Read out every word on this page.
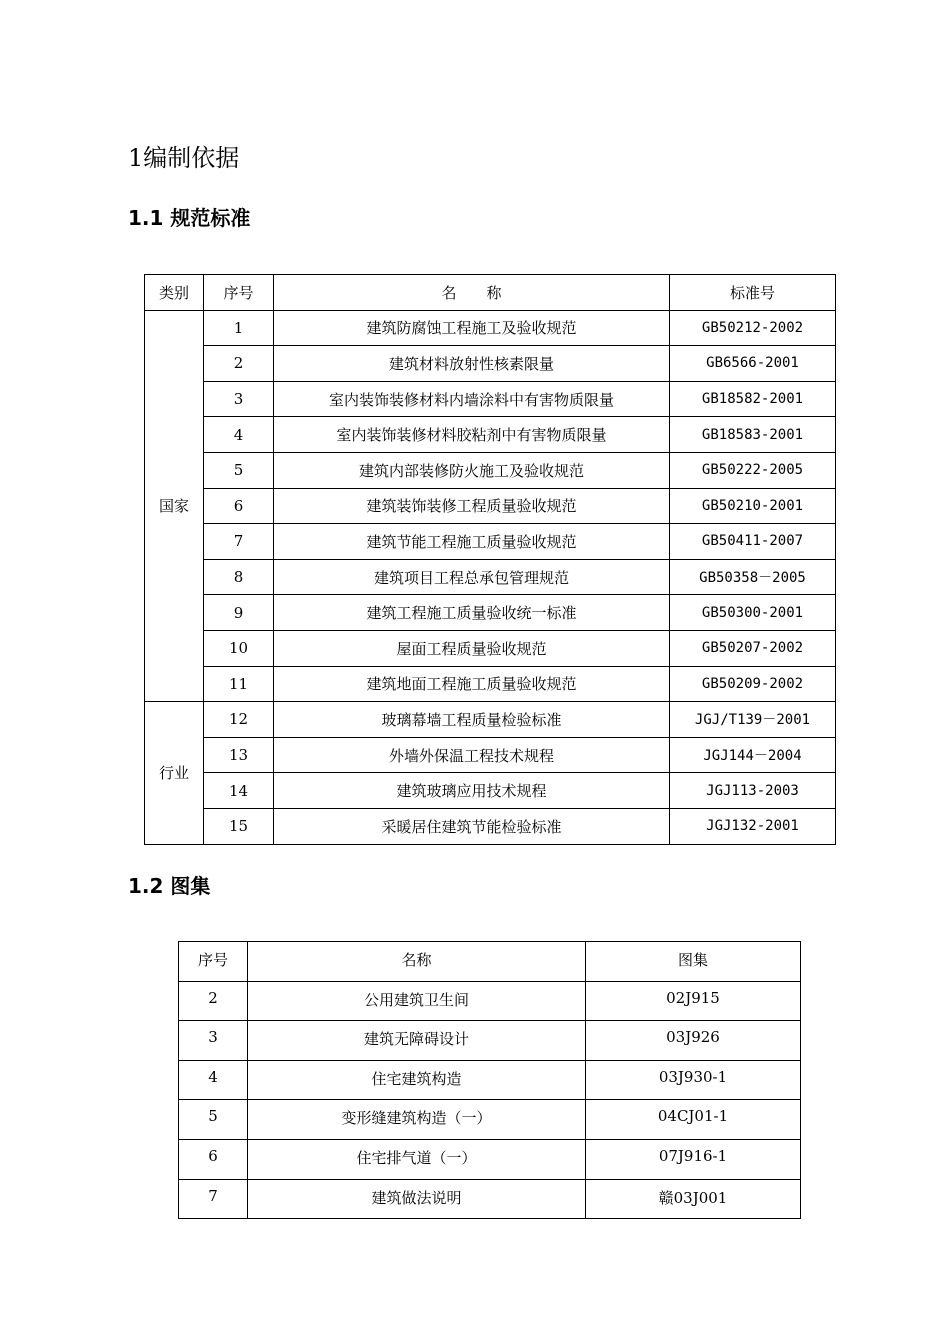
1编制依据
1.1 规范标准
类别	序号	名　　称	标准号
国家	1	建筑防腐蚀工程施工及验收规范	GB50212-2002
	2	建筑材料放射性核素限量	GB6566-2001
	3	室内装饰装修材料内墙涂料中有害物质限量	GB18582-2001
	4	室内装饰装修材料胶粘剂中有害物质限量	GB18583-2001
	5	建筑内部装修防火施工及验收规范	GB50222-2005
	6	建筑装饰装修工程质量验收规范	GB50210-2001
	7	建筑节能工程施工质量验收规范	GB50411-2007
	8	建筑项目工程总承包管理规范	GB50358－2005
	9	建筑工程施工质量验收统一标准	GB50300-2001
	10	屋面工程质量验收规范	GB50207-2002
	11	建筑地面工程施工质量验收规范	GB50209-2002
行业	12	玻璃幕墙工程质量检验标准	JGJ/T139－2001
	13	外墙外保温工程技术规程	JGJ144－2004
	14	建筑玻璃应用技术规程	JGJ113-2003
	15	采暖居住建筑节能检验标准	JGJ132-2001
1.2 图集
序号	名称	图集
2	公用建筑卫生间	02J915
3	建筑无障碍设计	03J926
4	住宅建筑构造	03J930-1
5	变形缝建筑构造（一）	04CJ01-1
6	住宅排气道（一）	07J916-1
7	建筑做法说明	赣03J001
